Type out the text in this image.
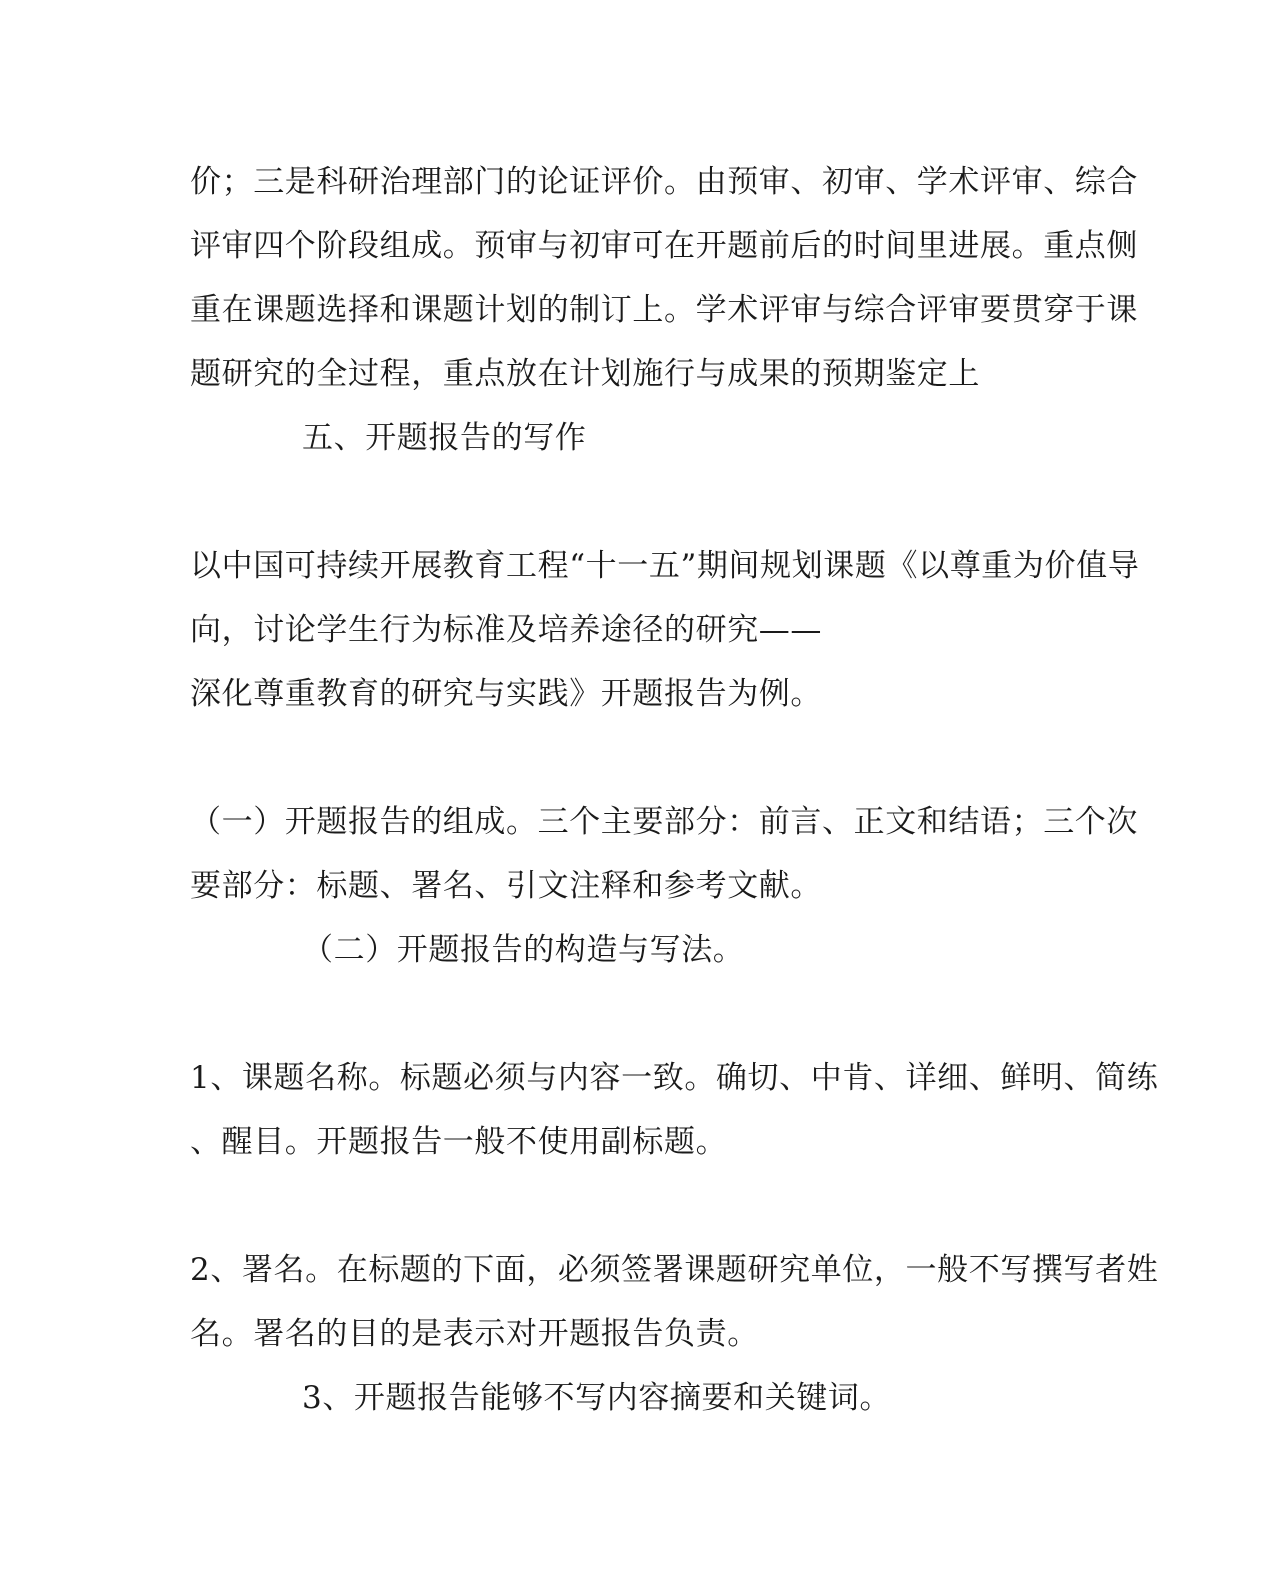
价；三是科研治理部门的论证评价。由预审、初审、学术评审、综合

评审四个阶段组成。预审与初审可在开题前后的时间里进展。重点侧

重在课题选择和课题计划的制订上。学术评审与综合评审要贯穿于课

题研究的全过程，重点放在计划施行与成果的预期鉴定上

五、开题报告的写作

以中国可持续开展教育工程“十一五”期间规划课题《以尊重为价值导

向，讨论学生行为标准及培养途径的研究——

深化尊重教育的研究与实践》开题报告为例。

（一）开题报告的组成。三个主要部分：前言、正文和结语；三个次

要部分：标题、署名、引文注释和参考文献。

（二）开题报告的构造与写法。

1、课题名称。标题必须与内容一致。确切、中肯、详细、鲜明、简练

、醒目。开题报告一般不使用副标题。

2、署名。在标题的下面，必须签署课题研究单位，一般不写撰写者姓

名。署名的目的是表示对开题报告负责。

3、开题报告能够不写内容摘要和关键词。
